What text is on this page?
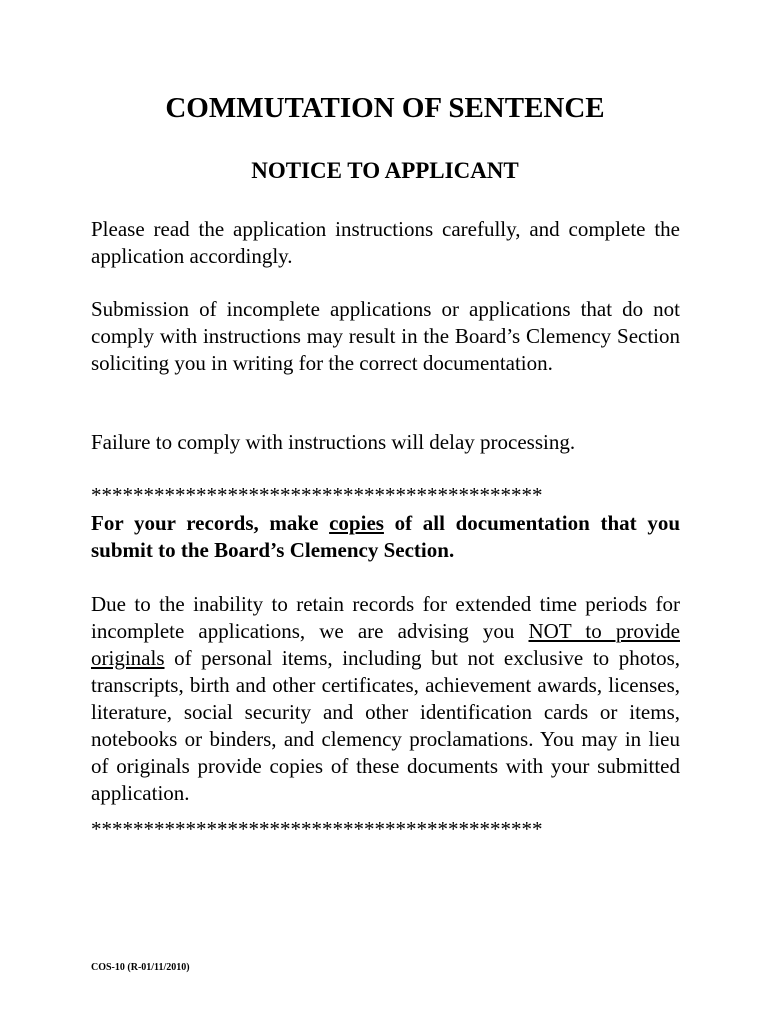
COMMUTATION OF SENTENCE
NOTICE TO APPLICANT

Please read the application instructions carefully, and complete the application accordingly.

Submission of incomplete applications or applications that do not comply with instructions may result in the Board’s Clemency Section soliciting you in writing for the correct documentation.

Failure to comply with instructions will delay processing.

*******************************************

For your records, make copies of all documentation that you submit to the Board’s Clemency Section.

Due to the inability to retain records for extended time periods for incomplete applications, we are advising you NOT to provide originals of personal items, including but not exclusive to photos, transcripts, birth and other certificates, achievement awards, licenses, literature, social security and other identification cards or items, notebooks or binders, and clemency proclamations. You may in lieu of originals provide copies of these documents with your submitted application.

*******************************************

COS-10 (R-01/11/2010)
